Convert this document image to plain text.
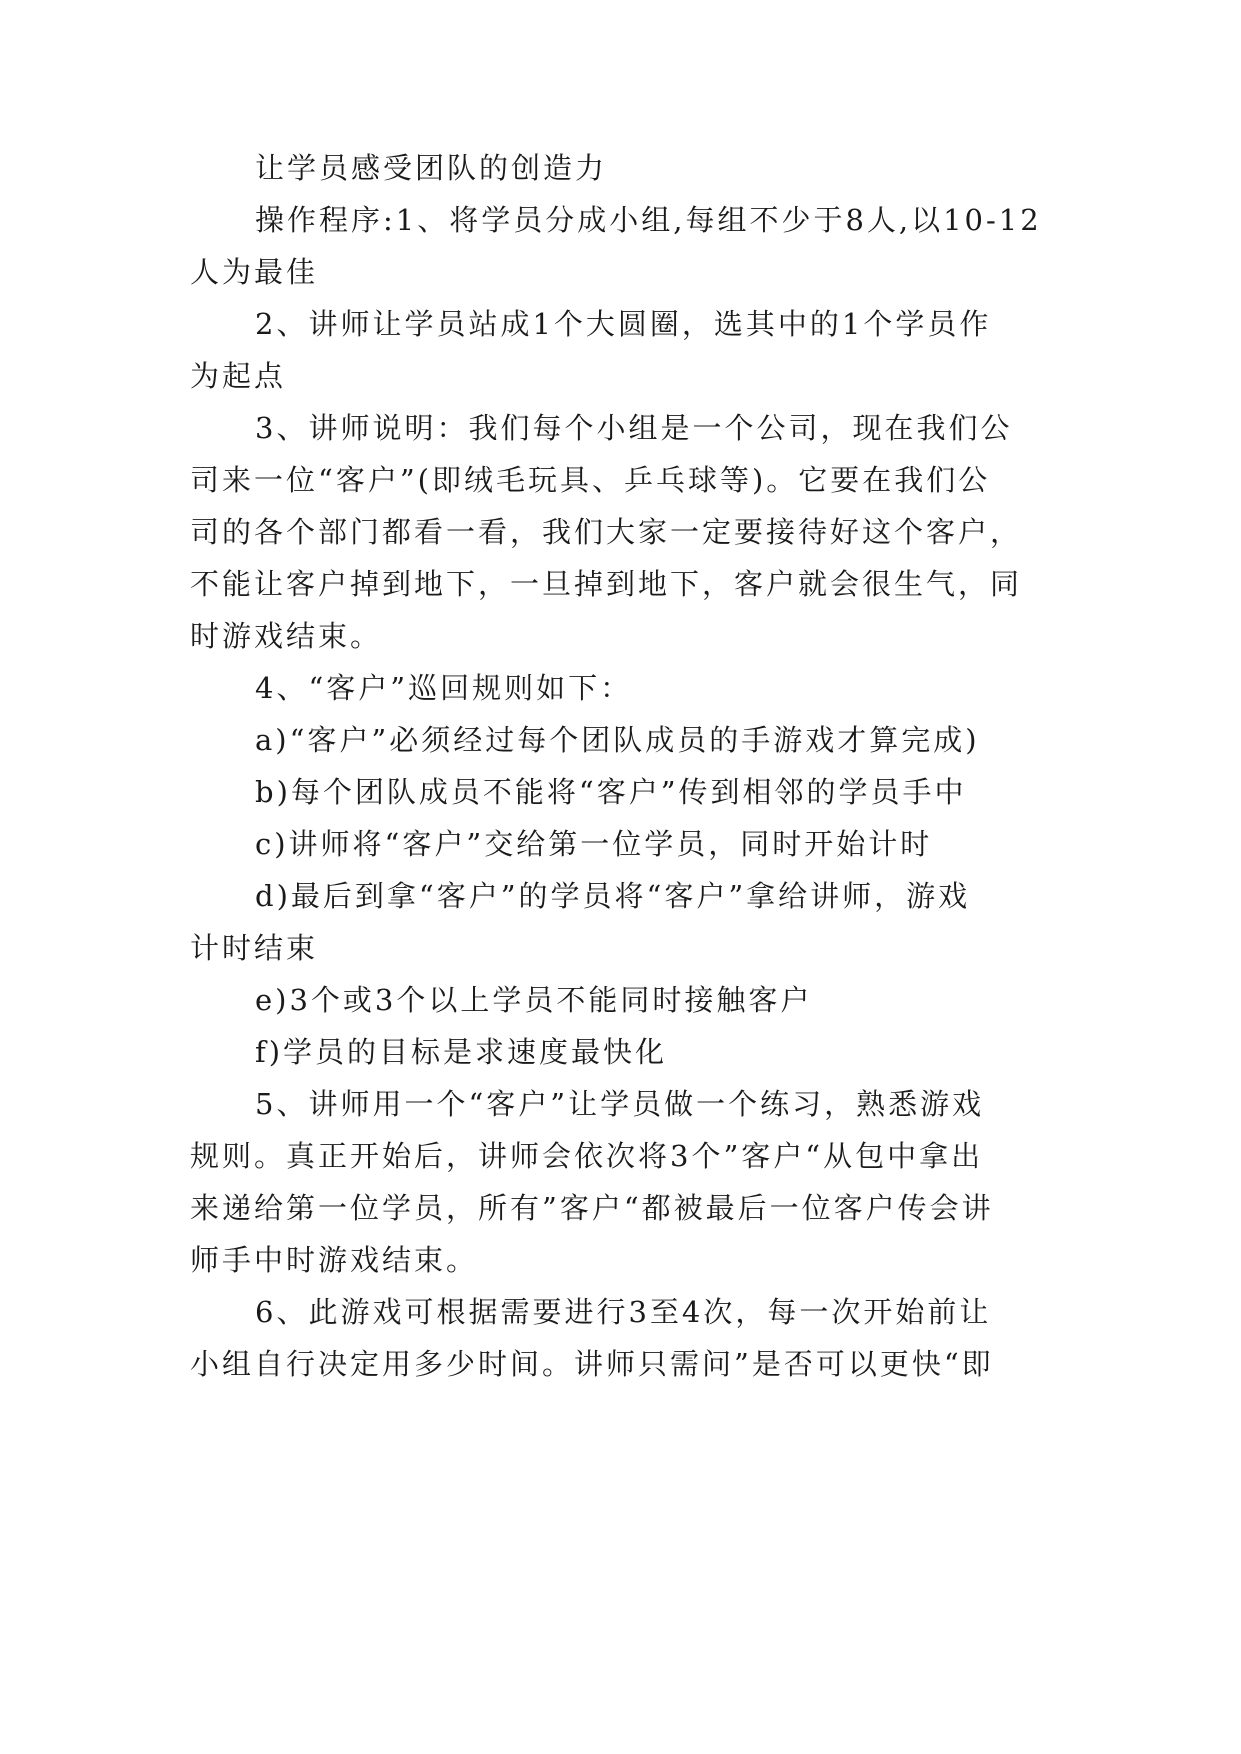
让学员感受团队的创造力
操作程序:1、将学员分成小组,每组不少于8人,以10-12
人为最佳
2、讲师让学员站成1个大圆圈，选其中的1个学员作
为起点
3、讲师说明：我们每个小组是一个公司，现在我们公
司来一位“客户”(即绒毛玩具、乒乓球等)。它要在我们公
司的各个部门都看一看，我们大家一定要接待好这个客户，
不能让客户掉到地下，一旦掉到地下，客户就会很生气，同
时游戏结束。
4、“客户”巡回规则如下：
a)“客户”必须经过每个团队成员的手游戏才算完成)
b)每个团队成员不能将“客户”传到相邻的学员手中
c)讲师将“客户”交给第一位学员，同时开始计时
d)最后到拿“客户”的学员将“客户”拿给讲师，游戏
计时结束
e)3个或3个以上学员不能同时接触客户
f)学员的目标是求速度最快化
5、讲师用一个“客户”让学员做一个练习，熟悉游戏
规则。真正开始后，讲师会依次将3个”客户“从包中拿出
来递给第一位学员，所有”客户“都被最后一位客户传会讲
师手中时游戏结束。
6、此游戏可根据需要进行3至4次，每一次开始前让
小组自行决定用多少时间。讲师只需问”是否可以更快“即
